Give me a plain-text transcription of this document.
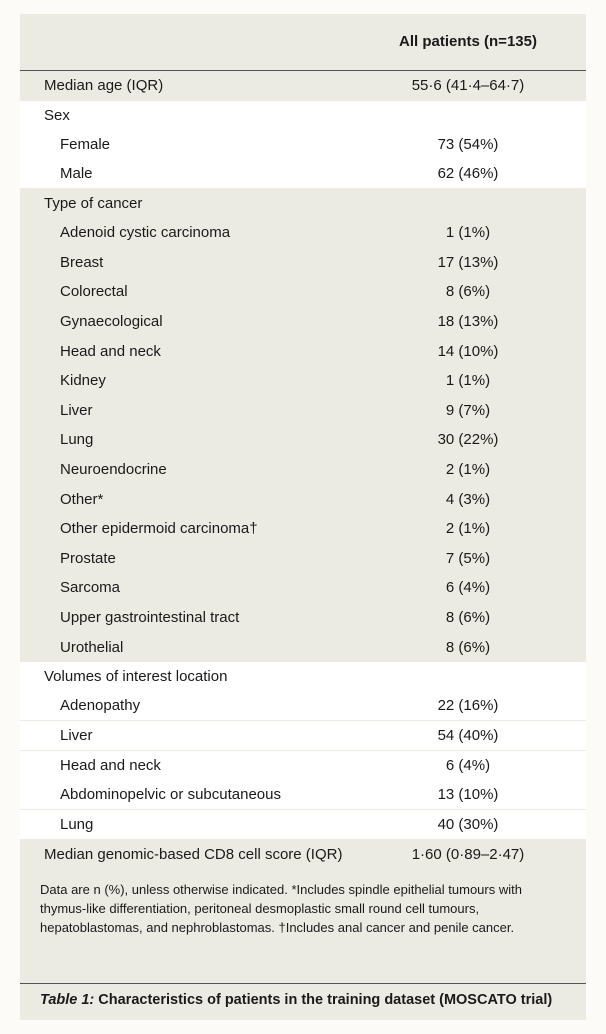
All patients (n=135)
Median age (IQR)	55·6 (41·4–64·7)
Sex
Female	73 (54%)
Male	62 (46%)
Type of cancer
Adenoid cystic carcinoma	1 (1%)
Breast	17 (13%)
Colorectal	8 (6%)
Gynaecological	18 (13%)
Head and neck	14 (10%)
Kidney	1 (1%)
Liver	9 (7%)
Lung	30 (22%)
Neuroendocrine	2 (1%)
Other*	4 (3%)
Other epidermoid carcinoma†	2 (1%)
Prostate	7 (5%)
Sarcoma	6 (4%)
Upper gastrointestinal tract	8 (6%)
Urothelial	8 (6%)
Volumes of interest location
Adenopathy	22 (16%)
Liver	54 (40%)
Head and neck	6 (4%)
Abdominopelvic or subcutaneous	13 (10%)
Lung	40 (30%)
Median genomic-based CD8 cell score (IQR)	1·60 (0·89–2·47)
Data are n (%), unless otherwise indicated. *Includes spindle epithelial tumours with thymus-like differentiation, peritoneal desmoplastic small round cell tumours, hepatoblastomas, and nephroblastomas. †Includes anal cancer and penile cancer.
Table 1: Characteristics of patients in the training dataset (MOSCATO trial)
